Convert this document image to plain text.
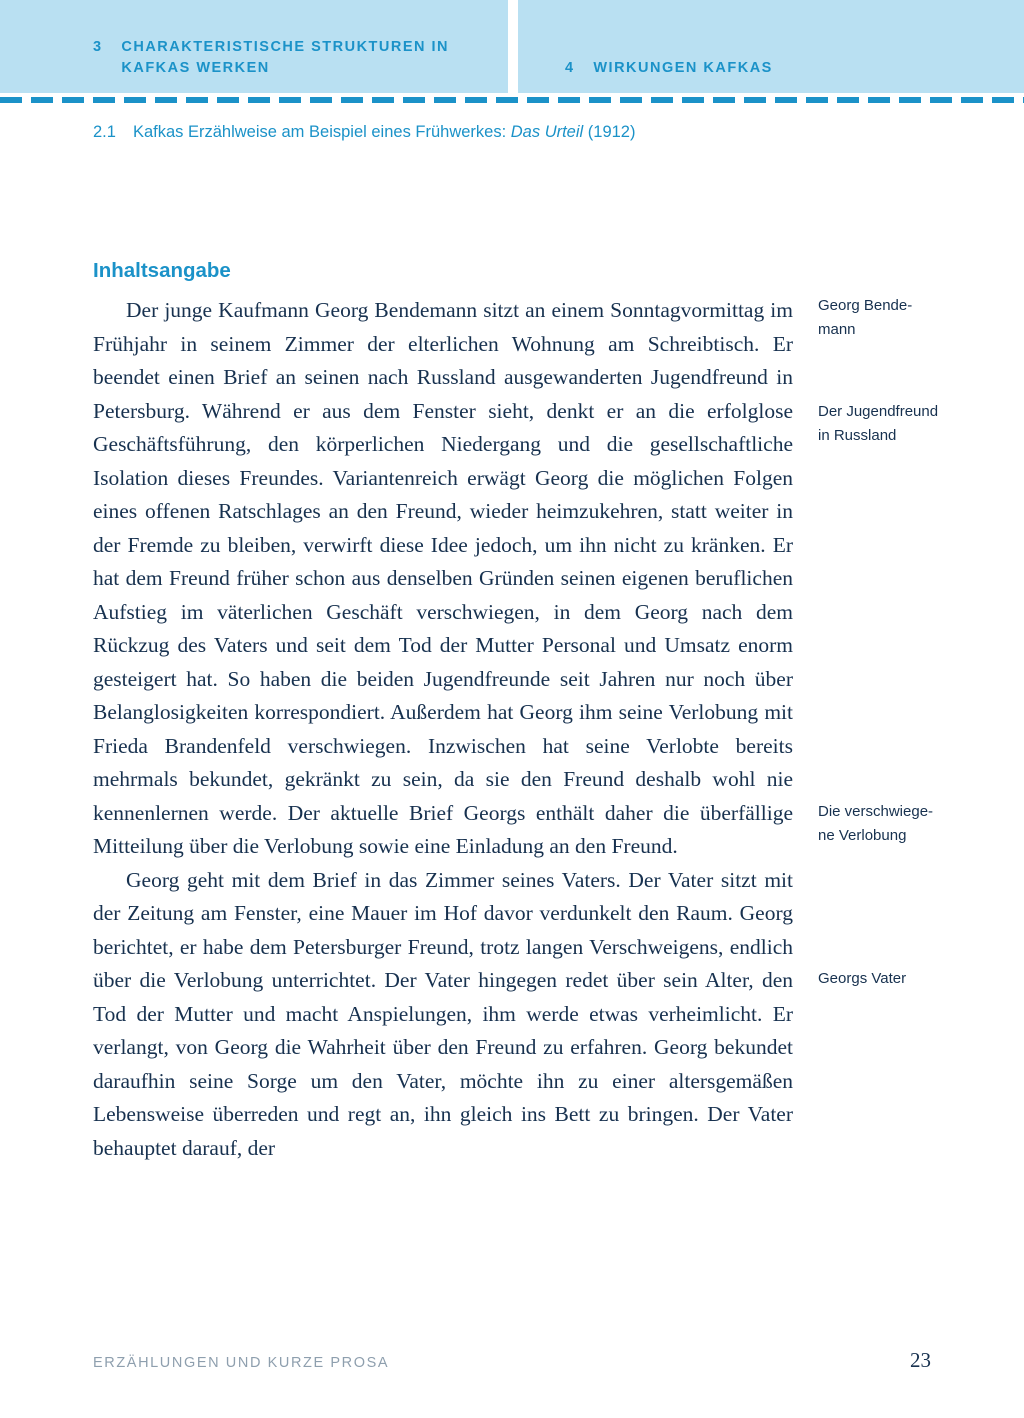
3 CHARAKTERISTISCHE STRUKTUREN IN KAFKAS WERKEN	4 WIRKUNGEN KAFKAS
2.1 Kafkas Erzählweise am Beispiel eines Frühwerkes: Das Urteil (1912)
Inhaltsangabe

Der junge Kaufmann Georg Bendemann sitzt an einem Sonntagvormittag im Frühjahr in seinem Zimmer der elterlichen Wohnung am Schreibtisch. Er beendet einen Brief an seinen nach Russland ausgewanderten Jugendfreund in Petersburg. Während er aus dem Fenster sieht, denkt er an die erfolglose Geschäftsführung, den körperlichen Niedergang und die gesellschaftliche Isolation dieses Freundes. Variantenreich erwägt Georg die möglichen Folgen eines offenen Ratschlages an den Freund, wieder heimzukehren, statt weiter in der Fremde zu bleiben, verwirft diese Idee jedoch, um ihn nicht zu kränken. Er hat dem Freund früher schon aus denselben Gründen seinen eigenen beruflichen Aufstieg im väterlichen Geschäft verschwiegen, in dem Georg nach dem Rückzug des Vaters und seit dem Tod der Mutter Personal und Umsatz enorm gesteigert hat. So haben die beiden Jugendfreunde seit Jahren nur noch über Belanglosigkeiten korrespondiert. Außerdem hat Georg ihm seine Verlobung mit Frieda Brandenfeld verschwiegen. Inzwischen hat seine Verlobte bereits mehrmals bekundet, gekränkt zu sein, da sie den Freund deshalb wohl nie kennenlernen werde. Der aktuelle Brief Georgs enthält daher die überfällige Mitteilung über die Verlobung sowie eine Einladung an den Freund.

Georg geht mit dem Brief in das Zimmer seines Vaters. Der Vater sitzt mit der Zeitung am Fenster, eine Mauer im Hof davor verdunkelt den Raum. Georg berichtet, er habe dem Petersburger Freund, trotz langen Verschweigens, endlich über die Verlobung unterrichtet. Der Vater hingegen redet über sein Alter, den Tod der Mutter und macht Anspielungen, ihm werde etwas verheimlicht. Er verlangt, von Georg die Wahrheit über den Freund zu erfahren. Georg bekundet daraufhin seine Sorge um den Vater, möchte ihn zu einer altersgemäßen Lebensweise überreden und regt an, ihn gleich ins Bett zu bringen. Der Vater behauptet darauf, der

Georg Bende-
mann
Der Jugendfreund
in Russland
Die verschwiege-
ne Verlobung
Georgs Vater
ERZÄHLUNGEN UND KURZE PROSA	23
